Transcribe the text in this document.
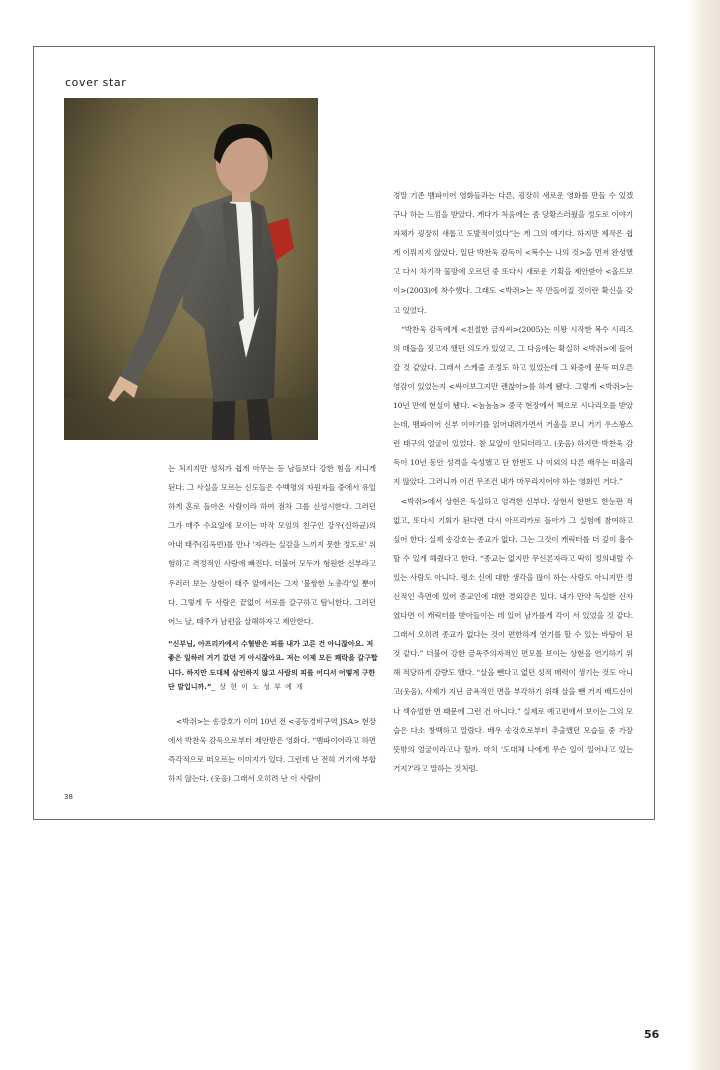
cover star

는 처지지만 성처가 쉽게 아무는 등 남들보다 강한 힘을 지니게 된다. 그 사실을 모르는 신도들은 수백명의 자원자들 중에서 유일하게 혼로 돌아온 사람이라 하여 점차 그를 신성시한다. 그러던 그가 매주 수요일에 모이는 마작 모임의 친구인 강우(신하균)의 아내 태주(김옥빈)를 만나 '자라는 실감을 느끼지 못한 정도로' 위험하고 격정적인 사랑에 빠진다. 더불어 모두가 형원한 신부라고 우러러 보는 상현이 태주 앞에서는 그저 '불쌍한 노총각'일 뿐이다. 그렇게 두 사람은 끝없이 서로를 갈구하고 탐닉한다. 그러던 어느 날, 태주가 남편을 살해하자고 제안한다.

“신부님, 아프리카에서 수혈받은 피를 내가 고른 건 아니잖아요. 저 좋은 일하러 거기 갔던 거 아시잖아요. 저는 이제 모든 쾌락을 갈구합니다. 하지만 도대체 살인하지 않고 사람의 피를 어디서 어떻게 구한단 말입니까.”_ 상 현 이 노 성 부 에 게

<박쥐>는 송강호가 이미 10년 전 <공동경비구역 JSA> 현장에서 박찬욱 감독으로부터 제안받은 영화다. “뱀파이어라고 하면 즉각적으로 떠오르는 이미지가 있다. 그런데 난 전혀 거기에 부합하지 않는다. (웃음) 그래서 오히려 난 이 사람이

정말 기존 뱀파이어 영화들과는 다른, 굉장히 새로운 영화를 만들 수 있겠구나 하는 느낌을 받았다. 게다가 처음에는 좀 당황스러웠을 정도로 이야기 자체가 굉장히 새롭고 도발적이었다”는 게 그의 얘기다. 하지만 제작은 쉽게 이뤄지지 않았다. 일단 박찬욱 감독이 <복수는 나의 것>을 먼저 완성했고 다시 차기작 물망에 오르던 중 또다시 새로운 기획을 제안받아 <올드보이>(2003)에 착수했다. 그래도 <박쥐>는 꼭 만들어질 것이란 확신을 갖고 있었다.

“박찬욱 감독에게 <친절한 금자씨>(2005)는 이왕 시작한 복수 시리즈의 매듭을 짓고자 했던 의도가 있었고, 그 다음에는 확실히 <박쥐>에 들어갈 것 같았다. 그래서 스케줄 조정도 하고 있었는데 그 와중에 문득 떠오른 영감이 있었는지 <싸이보그지만 괜찮아>를 하게 됐다. 그렇게 <박쥐>는 10년 만에 현실이 됐다. <놈놈놈> 중국 현장에서 책으로 시나리오를 받았는데, 뱀파이어 신부 이야기를 읽어내려가면서 거울을 보니 거기 우스꽝스런 태구의 얼굴이 있었다. 참 묘알이 안되더라고. (웃음) 하지만 박찬욱 감독이 10년 동안 성격을 숙성했고 단 한번도 나 이외의 다른 배우는 떠올리지 않았다. 그러니까 이건 무조건 내가 마무리지어야 하는 영화인 거다.”

<박쥐>에서 상현은 독실하고 엄격한 신부다. 상현서 한번도 한눈판 적 없고, 또다시 기회가 된다면 다시 아프리카로 돌아가 그 실험에 참여하고 싶어 한다. 실제 송강호는 종교가 없다. 그는 그것이 캐릭터를 더 깊이 흡수할 수 있게 해줬다고 한다. “종교는 없지만 무신론자라고 딱히 정의내릴 수 있는 사람도 아니다. 평소 신에 대한 생각을 많이 하는 사람도 아니지만 정신적인 측면에 있어 종교인에 대한 경외감은 있다. 내가 만약 독실한 신자였다면 이 캐릭터를 받아들이는 데 있어 남가를게 각이 서 있었을 것 같다. 그래서 오히려 종교가 없다는 것이 편한하게 연기를 할 수 있는 바탕이 된 것 같다.” 더불어 강한 금욕주의자적인 면모를 보이는 상현을 연기하기 위해 적당하게 감량도 했다. “살을 뺀다고 없던 성적 매력이 생기는 것도 아니고(웃음), 사제가 지닌 금욕적인 면을 부각하기 위해 살을 뺀 거지 배드신이나 섹슈얼한 면 때문에 그런 건 아니다.” 실제로 예고편에서 보이는 그의 모습은 다소 창백하고 말랐다. 배우 송강호로부터 추출했던 모습들 중 가장 뜻밖의 얼굴이라고나 할까. 마치 ‘도대체 나에게 무슨 일이 일어나고 있는 거지?’라고 말하는 것처럼.

38
56
